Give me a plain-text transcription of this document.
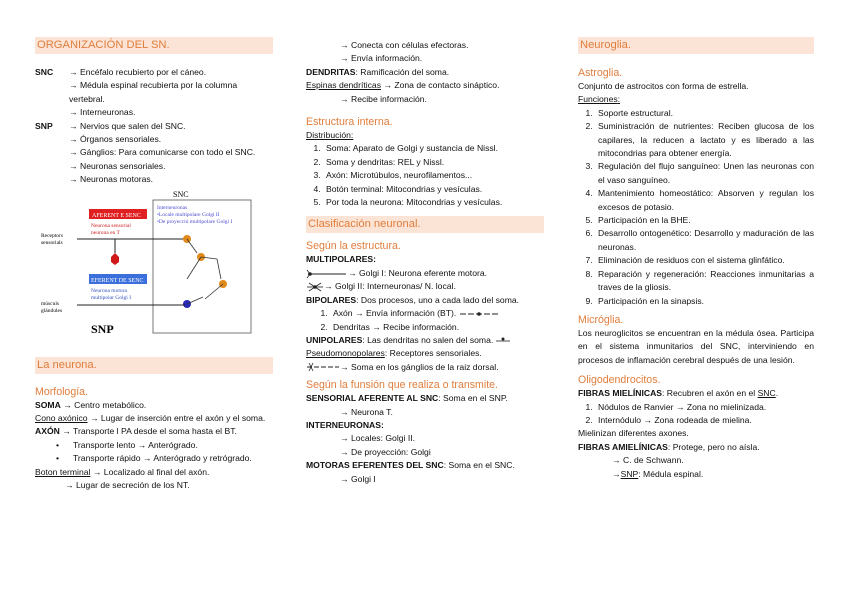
ORGANIZACIÓN DEL SN.
SNC	→ Encéfalo recubierto por el cáneo.
→ Médula espinal recubierta por la columna vertebral.
→ Interneuronas.
SNP	→ Nervios que salen del SNC.
→ Órganos sensoriales.
→ Gánglios: Para comunicarse con todo el SNC.
→ Neuronas sensoriales.
→ Neuronas motoras.
SNC
AFERENT E SENC
Neurona sensorial
neurona en T
Interneuronas
•Locale multipolare Golgi II
•De proyecció multipolare Golgi I
Receptors
sensorials
EFERENT DE SENC
Neurona motora
multipolar Golgi I
músculs
glándules
SNP
La neurona.
Morfología.
SOMA → Centro metabólico.
Cono axónico → Lugar de inserción entre el axón y el soma.
AXÓN → Transporte l PA desde el soma hasta el BT.
• Transporte lento → Anterógrado.
• Transporte rápido → Anterógrado y retrógrado.
Boton terminal → Localizado al final del axón.
→ Lugar de secreción de los NT.
→ Conecta con células efectoras.
→ Envía información.
DENDRITAS: Ramificación del soma.
Espinas dendríticas → Zona de contacto sináptico.
→ Recibe información.
Estructura interna.
Distribución:
1. Soma: Aparato de Golgi y sustancia de Nissl.
2. Soma y dendritas: REL y Nissl.
3. Axón: Microtúbulos, neurofilamentos...
4. Botón terminal: Mitocondrias y vesículas.
5. Por toda la neurona: Mitocondrias y vesículas.
Clasificación neuronal.
Según la estructura.
MULTIPOLARES:
→ Golgi I: Neurona eferente motora.
→ Golgi II: Interneuronas/ N. local.
BIPOLARES: Dos procesos, uno a cada lado del soma.
1. Axón → Envía información (BT).
2. Dendritas → Recibe información.
UNIPOLARES: Las dendritas no salen del soma.
Pseudomonopolares: Receptores sensoriales.
→ Soma en los gánglios de la raiz dorsal.
Según la funsión que realiza o transmite.
SENSORIAL AFERENTE AL SNC: Soma en el SNP.
→ Neurona T.
INTERNEURONAS:
→ Locales: Golgi II.
→ De proyección: Golgi
MOTORAS EFERENTES DEL SNC: Soma en el SNC.
→ Golgi I
Neuroglia.
Astroglia.
Conjunto de astrocitos con forma de estrella.
Funciones:
1. Soporte estructural.
2. Suministración de nutrientes: Reciben glucosa de los capilares, la reducen a lactato y es liberado a las mitocondrias para obtener energía.
3. Regulación del flujo sanguíneo: Unen las neuronas con el vaso sanguíneo.
4. Mantenimiento homeostático: Absorven y regulan los excesos de potasio.
5. Participación en la BHE.
6. Desarrollo ontogenético: Desarrollo y maduración de las neuronas.
7. Eliminación de residuos con el sistema glinfático.
8. Reparación y regeneración: Reacciones inmunitarias a traves de la gliosis.
9. Participación en la sinapsis.
Micróglia.
Los neuroglicitos se encuentran en la médula ósea. Participa en el sistema inmunitarios del SNC, interviniendo en procesos de inflamación cerebral después de una lesión.
Oligodendrocitos.
FIBRAS MIELÍNICAS: Recubren el axón en el SNC.
1. Nódulos de Ranvier → Zona no mielinizada.
2. Internódulo → Zona rodeada de mielina.
Mielinizan diferentes axones.
FIBRAS AMIELÍNICAS: Protege, pero no aísla.
→ C. de Schwann.
→SNP: Médula espinal.
